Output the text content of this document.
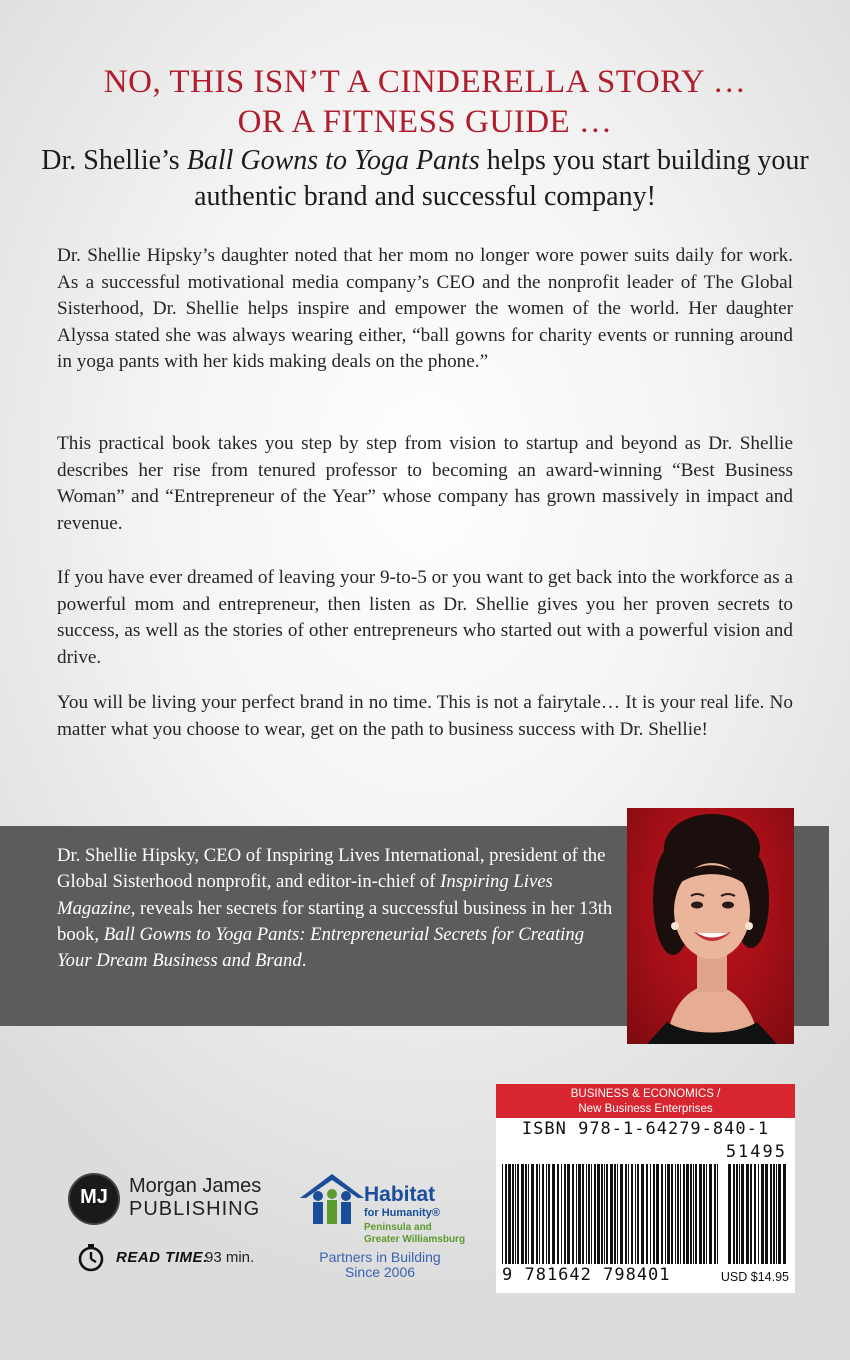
NO, THIS ISN’T A CINDERELLA STORY …
OR A FITNESS GUIDE …
Dr. Shellie’s Ball Gowns to Yoga Pants helps you start building your authentic brand and successful company!

Dr. Shellie Hipsky’s daughter noted that her mom no longer wore power suits daily for work. As a successful motivational media company’s CEO and the nonprofit leader of The Global Sisterhood, Dr. Shellie helps inspire and empower the women of the world. Her daughter Alyssa stated she was always wearing either, “ball gowns for charity events or running around in yoga pants with her kids making deals on the phone.”

This practical book takes you step by step from vision to startup and beyond as Dr. Shellie describes her rise from tenured professor to becoming an award-winning “Best Business Woman” and “Entrepreneur of the Year” whose company has grown massively in impact and revenue.

If you have ever dreamed of leaving your 9-to-5 or you want to get back into the workforce as a powerful mom and entrepreneur, then listen as Dr. Shellie gives you her proven secrets to success, as well as the stories of other entrepreneurs who started out with a powerful vision and drive.

You will be living your perfect brand in no time. This is not a fairytale… It is your real life. No matter what you choose to wear, get on the path to business success with Dr. Shellie!

Dr. Shellie Hipsky, CEO of Inspiring Lives International, president of the Global Sisterhood nonprofit, and editor-in-chief of Inspiring Lives Magazine, reveals her secrets for starting a successful business in her 13th book, Ball Gowns to Yoga Pants: Entrepreneurial Secrets for Creating Your Dream Business and Brand.

BUSINESS & ECONOMICS /
New Business Enterprises
ISBN 978-1-64279-840-1
51495
9 781642 798401	USD $14.95
MJ	Morgan James
PUBLISHING
READ TIME:
93 min.
Habitat
for Humanity®
Peninsula and
Greater Williamsburg
Partners in Building
Since 2006
